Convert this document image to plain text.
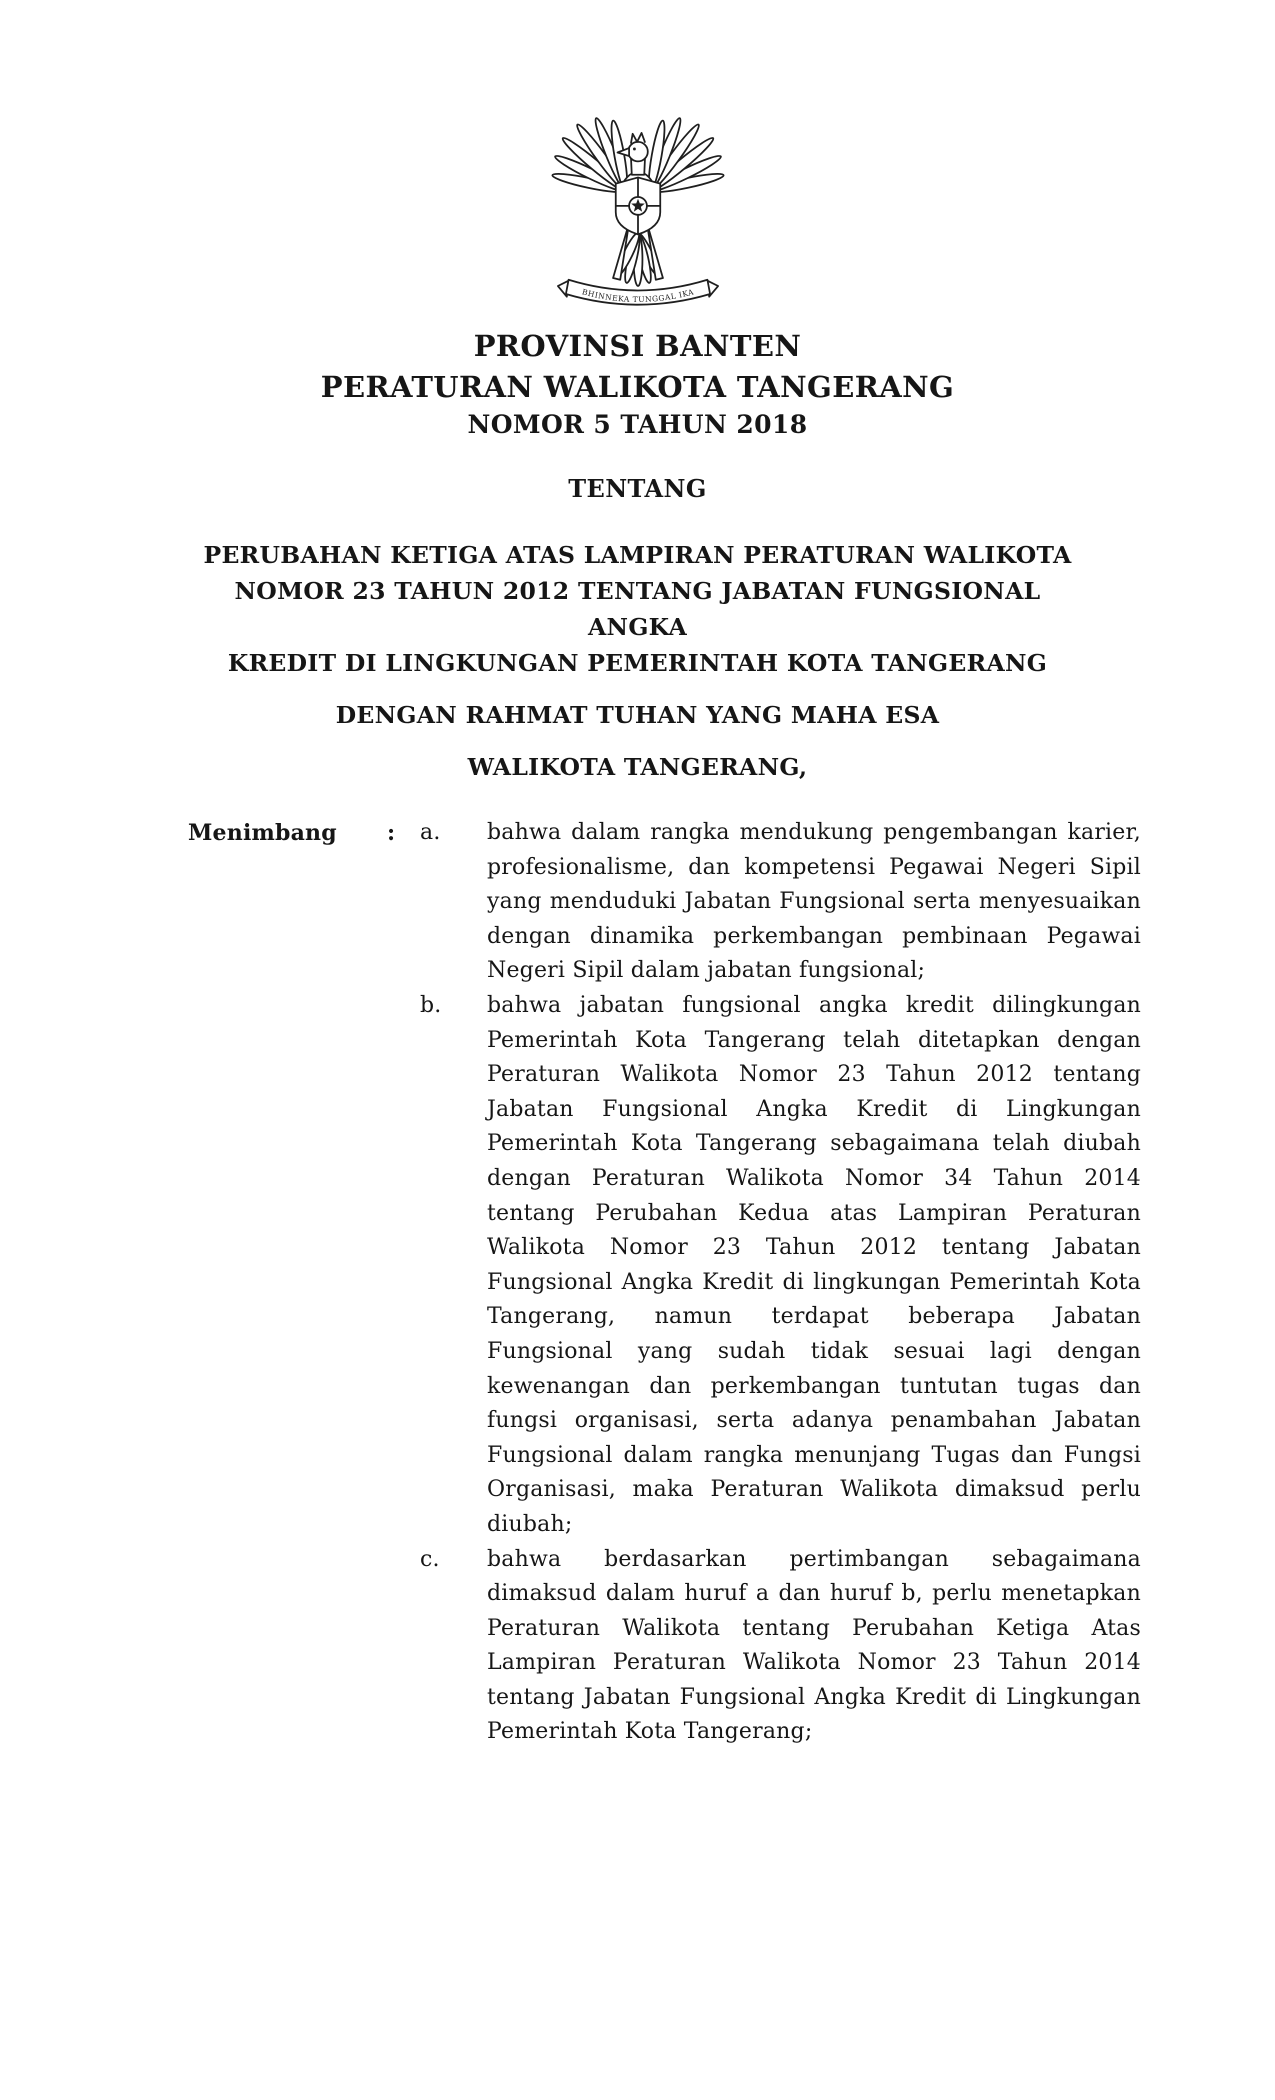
BHINNEKA TUNGGAL IKA
PROVINSI BANTEN
PERATURAN WALIKOTA TANGERANG
NOMOR 5 TAHUN 2018
TENTANG
PERUBAHAN KETIGA ATAS LAMPIRAN PERATURAN WALIKOTA
NOMOR 23 TAHUN 2012 TENTANG JABATAN FUNGSIONAL ANGKA
KREDIT DI LINGKUNGAN PEMERINTAH KOTA TANGERANG
DENGAN RAHMAT TUHAN YANG MAHA ESA
WALIKOTA TANGERANG,
Menimbang	:	a.	bahwa dalam rangka mendukung pengembangan karier, profesionalisme, dan kompetensi Pegawai Negeri Sipil yang menduduki Jabatan Fungsional serta menyesuaikan dengan dinamika perkembangan pembinaan Pegawai Negeri Sipil dalam jabatan fungsional;
b.	bahwa jabatan fungsional angka kredit dilingkungan Pemerintah Kota Tangerang telah ditetapkan dengan Peraturan Walikota Nomor 23 Tahun 2012 tentang Jabatan Fungsional Angka Kredit di Lingkungan Pemerintah Kota Tangerang sebagaimana telah diubah dengan Peraturan Walikota Nomor 34 Tahun 2014 tentang Perubahan Kedua atas Lampiran Peraturan Walikota Nomor 23 Tahun 2012 tentang Jabatan Fungsional Angka Kredit di lingkungan Pemerintah Kota Tangerang, namun terdapat beberapa Jabatan Fungsional yang sudah tidak sesuai lagi dengan kewenangan dan perkembangan tuntutan tugas dan fungsi organisasi, serta adanya penambahan Jabatan Fungsional dalam rangka menunjang Tugas dan Fungsi Organisasi, maka Peraturan Walikota dimaksud perlu diubah;
c.	bahwa berdasarkan pertimbangan sebagaimana dimaksud dalam huruf a dan huruf b, perlu menetapkan Peraturan Walikota tentang Perubahan Ketiga Atas Lampiran Peraturan Walikota Nomor 23 Tahun 2014 tentang Jabatan Fungsional Angka Kredit di Lingkungan Pemerintah Kota Tangerang;
